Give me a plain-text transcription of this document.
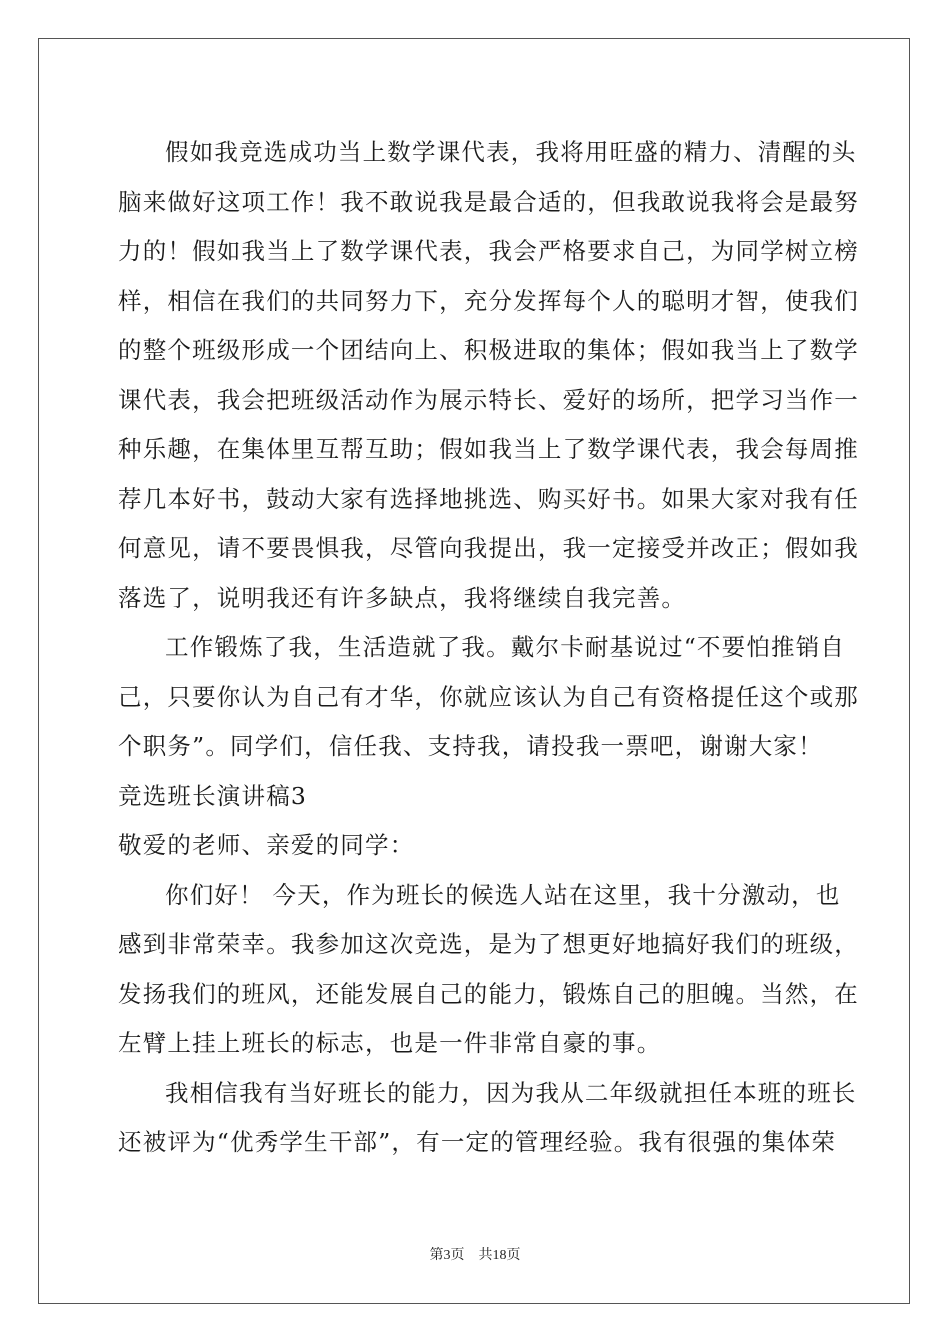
假如我竞选成功当上数学课代表，我将用旺盛的精力、清醒的头
脑来做好这项工作！我不敢说我是最合适的，但我敢说我将会是最努
力的！假如我当上了数学课代表，我会严格要求自己，为同学树立榜
样，相信在我们的共同努力下，充分发挥每个人的聪明才智，使我们
的整个班级形成一个团结向上、积极进取的集体；假如我当上了数学
课代表，我会把班级活动作为展示特长、爱好的场所，把学习当作一
种乐趣，在集体里互帮互助；假如我当上了数学课代表，我会每周推
荐几本好书，鼓动大家有选择地挑选、购买好书。如果大家对我有任
何意见，请不要畏惧我，尽管向我提出，我一定接受并改正；假如我
落选了，说明我还有许多缺点，我将继续自我完善。
工作锻炼了我，生活造就了我。戴尔卡耐基说过“不要怕推销自
己，只要你认为自己有才华，你就应该认为自己有资格提任这个或那
个职务”。同学们，信任我、支持我，请投我一票吧，谢谢大家！
竞选班长演讲稿3
敬爱的老师、亲爱的同学：
你们好！ 今天，作为班长的候选人站在这里，我十分激动，也
感到非常荣幸。我参加这次竞选，是为了想更好地搞好我们的班级，
发扬我们的班风，还能发展自己的能力，锻炼自己的胆魄。当然，在
左臂上挂上班长的标志，也是一件非常自豪的事。
我相信我有当好班长的能力，因为我从二年级就担任本班的班长
还被评为“优秀学生干部”，有一定的管理经验。我有很强的集体荣
第3页 共18页
